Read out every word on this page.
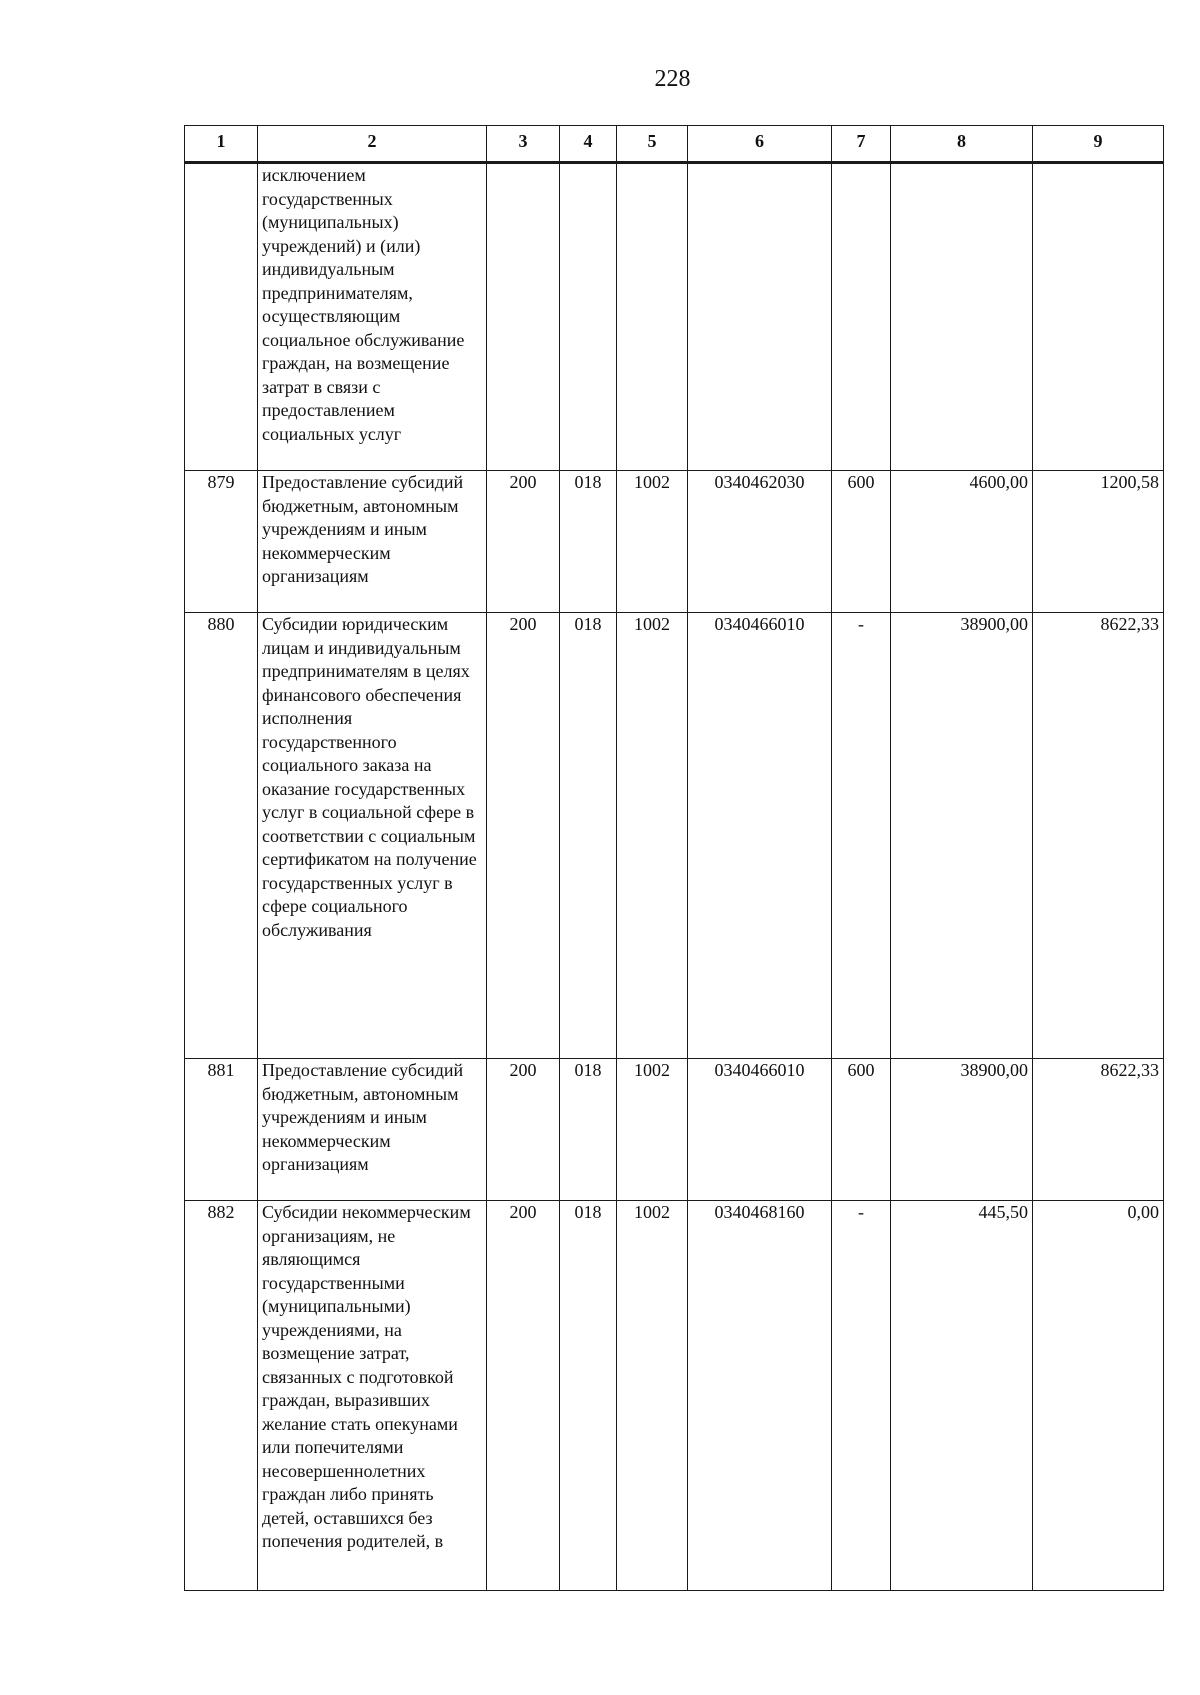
228
1	2	3	4	5	6	7	8	9
	исключением государственных (муниципальных) учреждений) и (или) индивидуальным предпринимателям, осуществляющим социальное обслуживание граждан, на возмещение затрат в связи с предоставлением социальных услуг							
879	Предоставление субсидий бюджетным, автономным учреждениям и иным некоммерческим организациям	200	018	1002	0340462030	600	4600,00	1200,58
880	Субсидии юридическим лицам и индивидуальным предпринимателям в целях финансового обеспечения исполнения государственного социального заказа на оказание государственных услуг в социальной сфере в соответствии с социальным сертификатом на получение государственных услуг в сфере социального обслуживания	200	018	1002	0340466010	-	38900,00	8622,33
881	Предоставление субсидий бюджетным, автономным учреждениям и иным некоммерческим организациям	200	018	1002	0340466010	600	38900,00	8622,33
882	Субсидии некоммерческим организациям, не являющимся государственными (муниципальными) учреждениями, на возмещение затрат, связанных с подготовкой граждан, выразивших желание стать опекунами или попечителями несовершеннолетних граждан либо принять детей, оставшихся без попечения родителей, в	200	018	1002	0340468160	-	445,50	0,00
